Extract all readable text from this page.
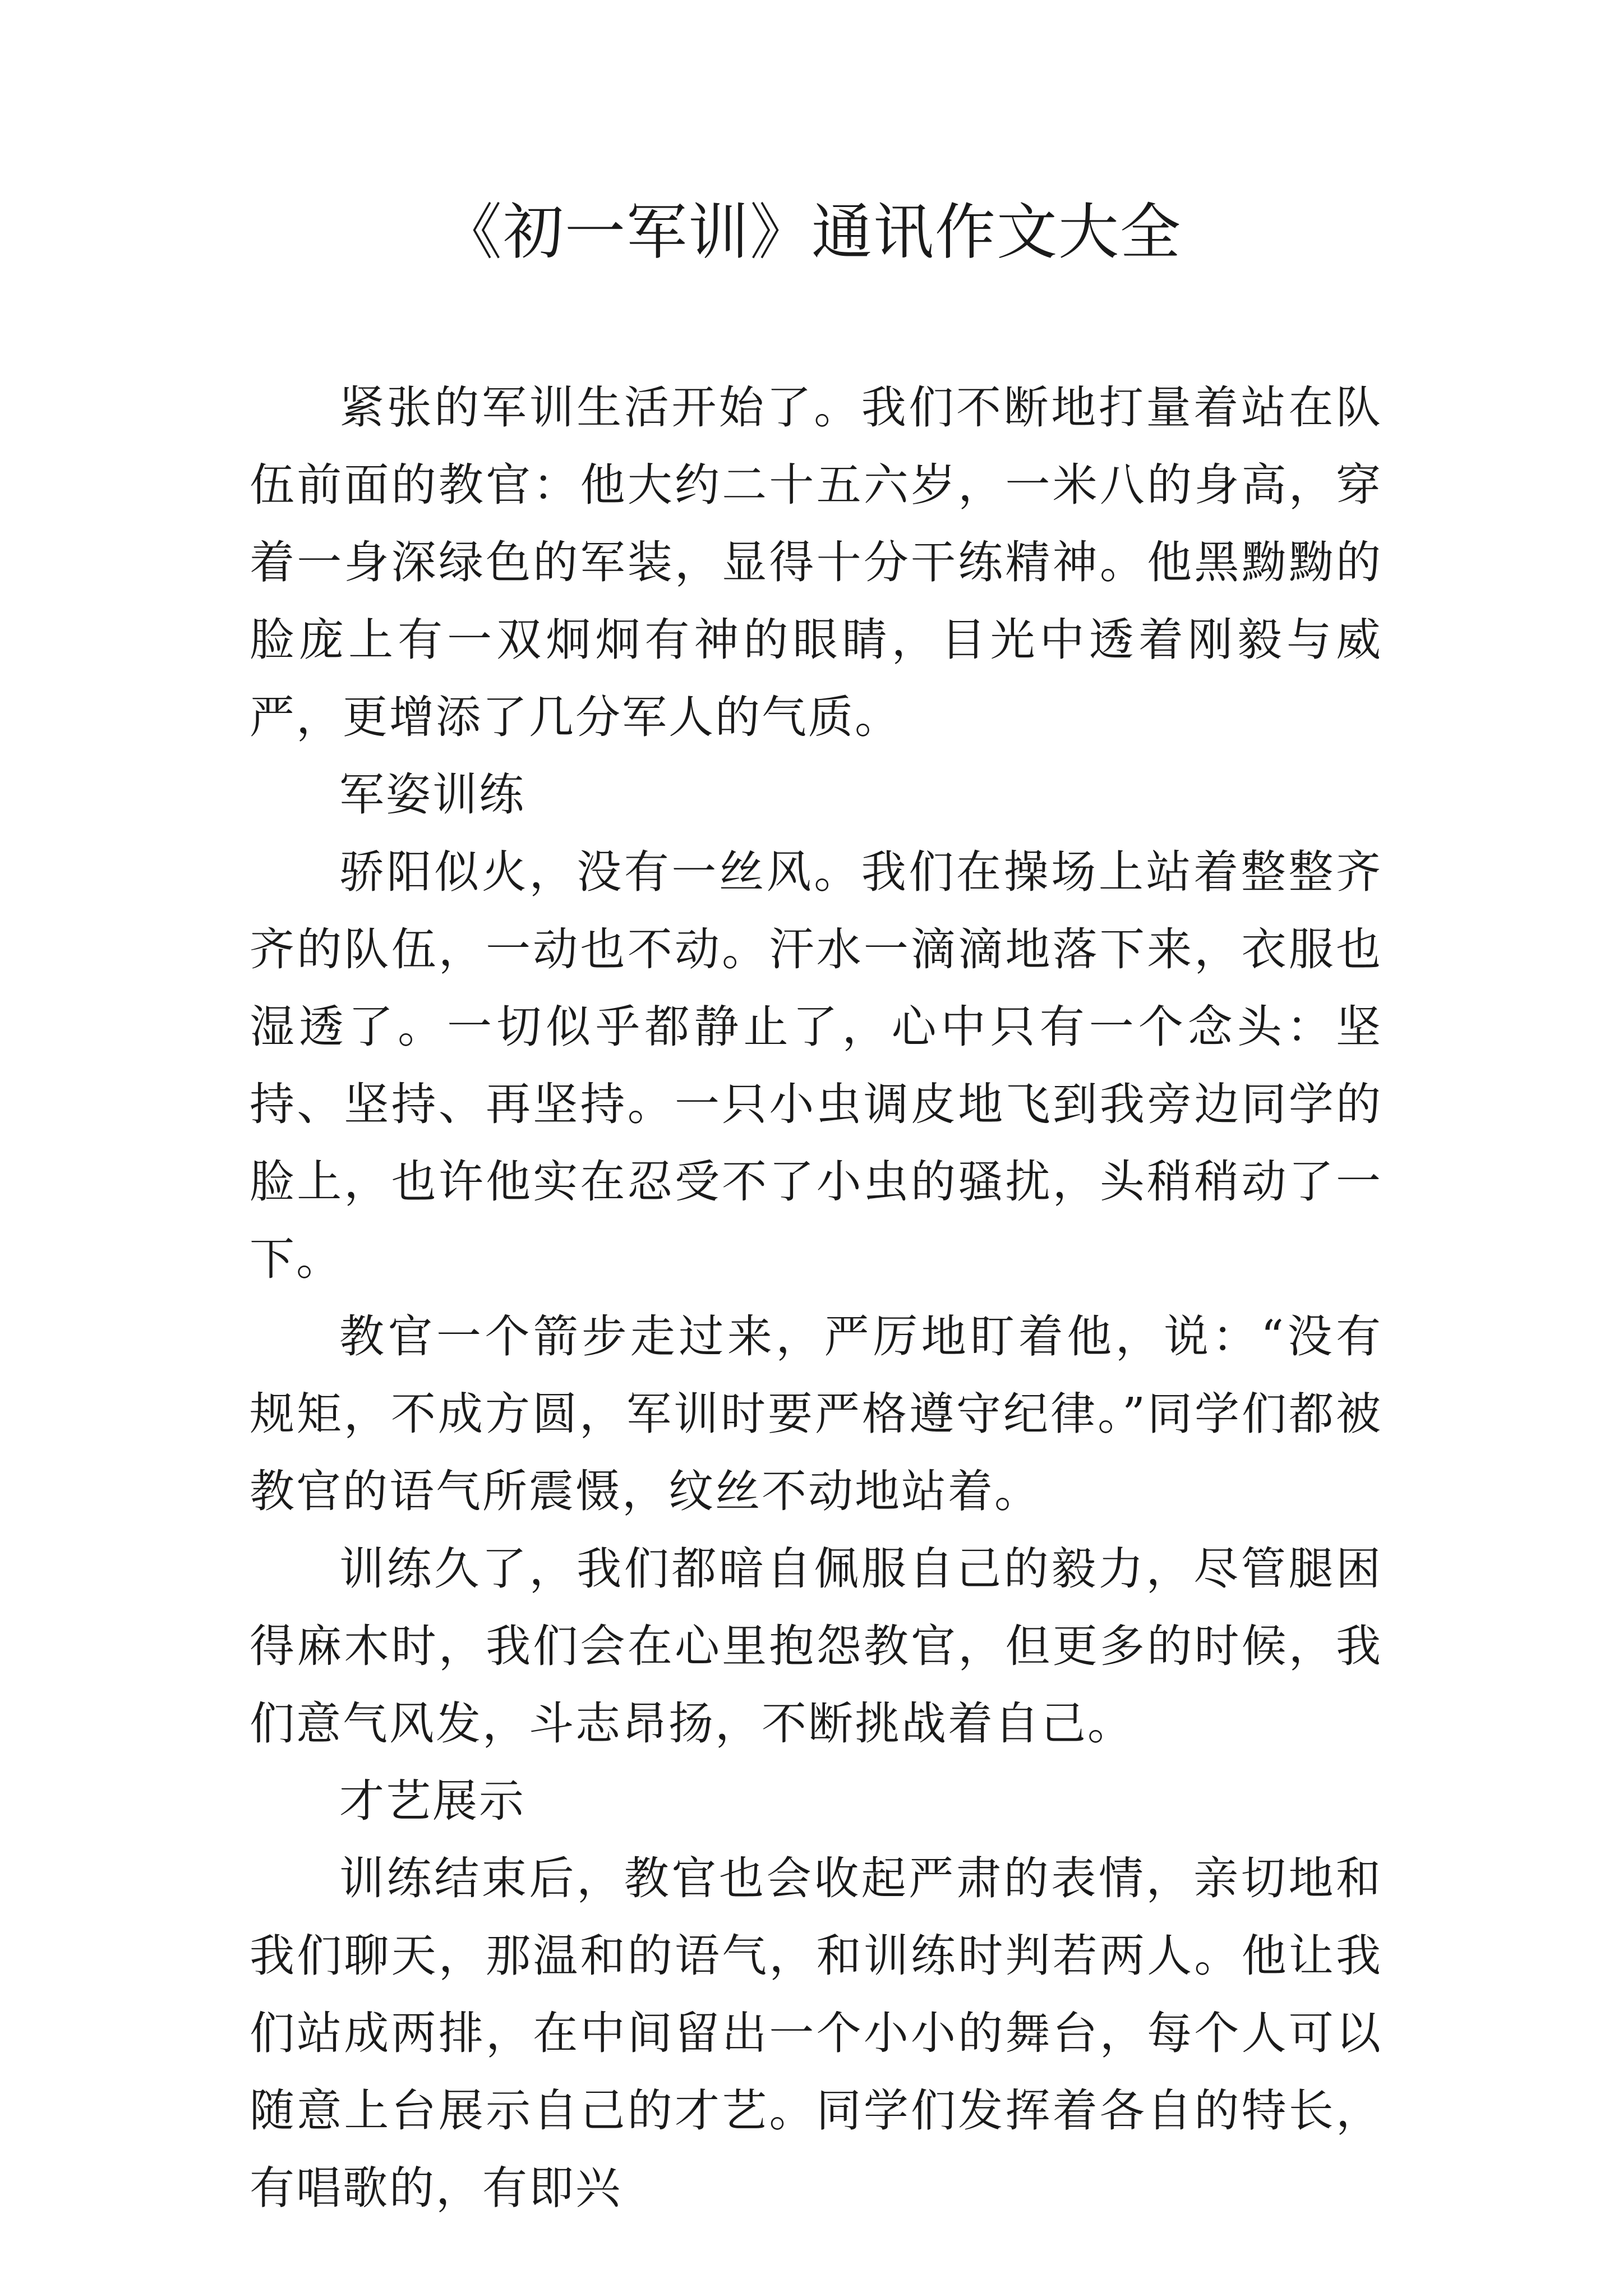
《初一军训》通讯作文大全

紧张的军训生活开始了。我们不断地打量着站在队伍前面的教官：他大约二十五六岁，一米八的身高，穿着一身深绿色的军装，显得十分干练精神。他黑黝黝的脸庞上有一双炯炯有神的眼睛，目光中透着刚毅与威严，更增添了几分军人的气质。

军姿训练

骄阳似火，没有一丝风。我们在操场上站着整整齐齐的队伍，一动也不动。汗水一滴滴地落下来，衣服也湿透了。一切似乎都静止了，心中只有一个念头：坚持、坚持、再坚持。一只小虫调皮地飞到我旁边同学的脸上，也许他实在忍受不了小虫的骚扰，头稍稍动了一下。

教官一个箭步走过来，严厉地盯着他，说：“没有规矩，不成方圆，军训时要严格遵守纪律。”同学们都被教官的语气所震慑，纹丝不动地站着。

训练久了，我们都暗自佩服自己的毅力，尽管腿困得麻木时，我们会在心里抱怨教官，但更多的时候，我们意气风发，斗志昂扬，不断挑战着自己。

才艺展示

训练结束后，教官也会收起严肃的表情，亲切地和我们聊天，那温和的语气，和训练时判若两人。他让我们站成两排，在中间留出一个小小的舞台，每个人可以随意上台展示自己的才艺。同学们发挥着各自的特长，有唱歌的，有即兴
